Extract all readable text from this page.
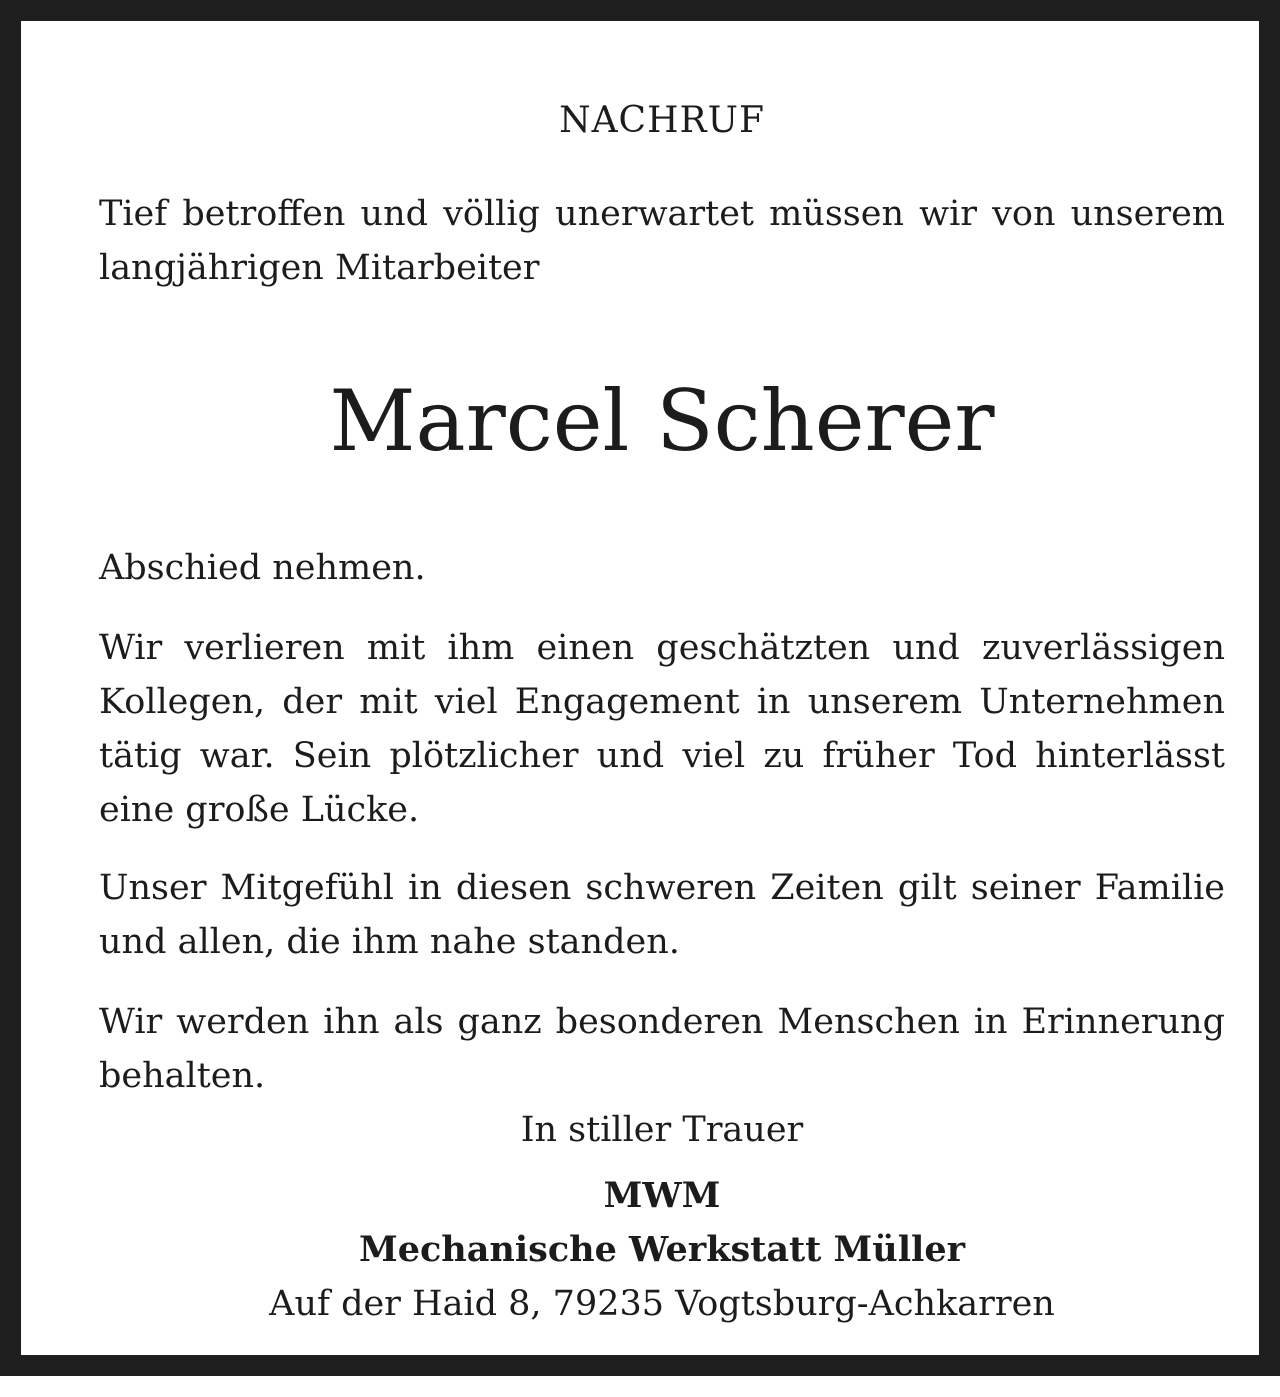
NACHRUF

Tief betroffen und völlig unerwartet müssen wir von unserem langjährigen Mitarbeiter

Marcel Scherer

Abschied nehmen.

Wir verlieren mit ihm einen geschätzten und zuverlässigen Kollegen, der mit viel Engagement in unserem Unternehmen tätig war. Sein plötzlicher und viel zu früher Tod hinterlässt eine große Lücke.

Unser Mitgefühl in diesen schweren Zeiten gilt seiner Familie und allen, die ihm nahe standen.

Wir werden ihn als ganz besonderen Menschen in Erinnerung behalten.

In stiller Trauer
MWM
Mechanische Werkstatt Müller
Auf der Haid 8, 79235 Vogtsburg-Achkarren
